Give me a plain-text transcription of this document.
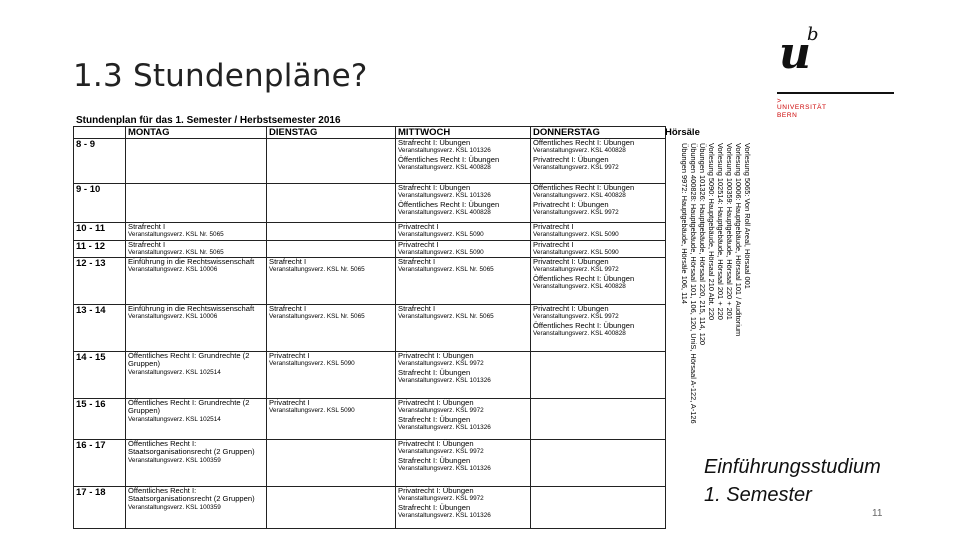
1.3 Stundenpläne?	u
b
>
UNIVERSITÄT
BERN
Stundenplan für das 1. Semester / Herbstsemester 2016
	MONTAG	DIENSTAG	MITTWOCH	DONNERSTAG
8 - 9			Strafrecht I: Übungen
Veranstaltungsverz. KSL 101326
Öffentliches Recht I: Übungen
Veranstaltungsverz. KSL 400828	Öffentliches Recht I: Übungen
Veranstaltungsverz. KSL 400828
Privatrecht I: Übungen
Veranstaltungsverz. KSL 9972

9 - 10			Strafrecht I: Übungen
Veranstaltungsverz. KSL 101326
Öffentliches Recht I: Übungen
Veranstaltungsverz. KSL 400828	Öffentliches Recht I: Übungen
Veranstaltungsverz. KSL 400828
Privatrecht I: Übungen
Veranstaltungsverz. KSL 9972

10 - 11	Strafrecht I
Veranstaltungsverz. KSL Nr. 5065		Privatrecht I
Veranstaltungsverz. KSL 5090	Privatrecht I
Veranstaltungsverz. KSL 5090

11 - 12	Strafrecht I
Veranstaltungsverz. KSL Nr. 5065		Privatrecht I
Veranstaltungsverz. KSL 5090	Privatrecht I
Veranstaltungsverz. KSL 5090

12 - 13	Einführung in die Rechtswissenschaft
Veranstaltungsverz. KSL 10006	Strafrecht I
Veranstaltungsverz. KSL Nr. 5065	Strafrecht I
Veranstaltungsverz. KSL Nr. 5065	Privatrecht I: Übungen
Veranstaltungsverz. KSL 9972
Öffentliches Recht I: Übungen
Veranstaltungsverz. KSL 400828

13 - 14	Einführung in die Rechtswissenschaft
Veranstaltungsverz. KSL 10006	Strafrecht I
Veranstaltungsverz. KSL Nr. 5065	Strafrecht I
Veranstaltungsverz. KSL Nr. 5065	Privatrecht I: Übungen
Veranstaltungsverz. KSL 9972
Öffentliches Recht I: Übungen
Veranstaltungsverz. KSL 400828

14 - 15	Öffentliches Recht I: Grundrechte (2 Gruppen)
Veranstaltungsverz. KSL 102514	Privatrecht I
Veranstaltungsverz. KSL 5090	Privatrecht I: Übungen
Veranstaltungsverz. KSL 9972
Strafrecht I: Übungen
Veranstaltungsverz. KSL 101326	

15 - 16	Öffentliches Recht I: Grundrechte (2 Gruppen)
Veranstaltungsverz. KSL 102514	Privatrecht I
Veranstaltungsverz. KSL 5090	Privatrecht I: Übungen
Veranstaltungsverz. KSL 9972
Strafrecht I: Übungen
Veranstaltungsverz. KSL 101326	

16 - 17	Öffentliches Recht I: Staatsorganisationsrecht (2 Gruppen)
Veranstaltungsverz. KSL 100359		Privatrecht I: Übungen
Veranstaltungsverz. KSL 9972
Strafrecht I: Übungen
Veranstaltungsverz. KSL 101326	

17 - 18	Öffentliches Recht I: Staatsorganisationsrecht (2 Gruppen)
Veranstaltungsverz. KSL 100359		Privatrecht I: Übungen
Veranstaltungsverz. KSL 9972
Strafrecht I: Übungen
Veranstaltungsverz. KSL 101326	

Hörsäle
Vorlesung 5065: Von Roll Areal, Hörsaal 001
Vorlesung 10006: Hauptgebäude, Hörsaal 101 / Auditorium
Vorlesung 100359: Hauptgebäude, Hörsaal 220 + 201
Vorlesung 102514: Hauptgebäude, Hörsaal 201 + 220
Vorlesung 5090: Hauptgebäude, Hörsaal 210 Abt. 220
Übungen 101326: Hauptgebäude, Hörsaal 220, 215, 114, 120
Übungen 400828: Hauptgebäude, Hörsaal 101, 106, 120, UniS, Hörsaal A-122, A-126
Übungen 9972: Hauptgebäude, Hörsäle 106, 114
Einführungsstudium
1. Semester
11
